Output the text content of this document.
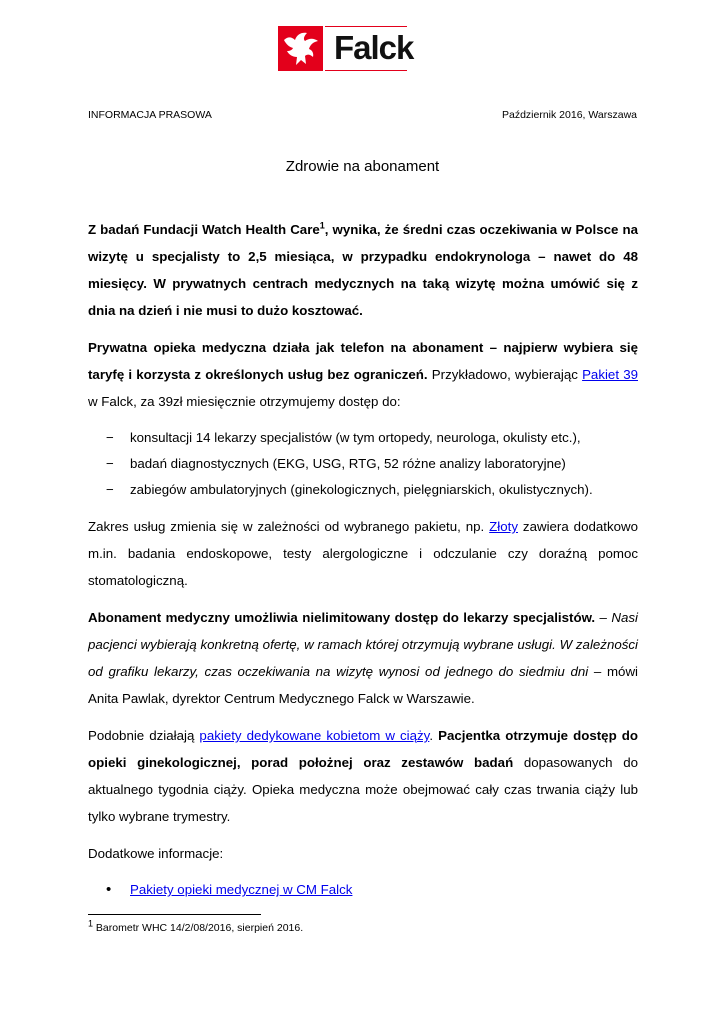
Falck
INFORMACJA PRASOWA	Październik 2016, Warszawa
Zdrowie na abonament

Z badań Fundacji Watch Health Care$^1$, wynika, że średni czas oczekiwania w Polsce na wizytę u specjalisty to 2,5 miesiąca, w przypadku endokrynologa – nawet do 48 miesięcy. W prywatnych centrach medycznych na taką wizytę można umówić się z dnia na dzień i nie musi to dużo kosztować.

Prywatna opieka medyczna działa jak telefon na abonament – najpierw wybiera się taryfę i korzysta z określonych usług bez ograniczeń. Przykładowo, wybierając Pakiet 39 w Falck, za 39zł miesięcznie otrzymujemy dostęp do:

− konsultacji 14 lekarzy specjalistów (w tym ortopedy, neurologa, okulisty etc.),
− badań diagnostycznych (EKG, USG, RTG, 52 różne analizy laboratoryjne)
− zabiegów ambulatoryjnych (ginekologicznych, pielęgniarskich, okulistycznych).

Zakres usług zmienia się w zależności od wybranego pakietu, np. Złoty zawiera dodatkowo m.in. badania endoskopowe, testy alergologiczne i odczulanie czy doraźną pomoc stomatologiczną.

Abonament medyczny umożliwia nielimitowany dostęp do lekarzy specjalistów. – Nasi pacjenci wybierają konkretną ofertę, w ramach której otrzymują wybrane usługi. W zależności od grafiku lekarzy, czas oczekiwania na wizytę wynosi od jednego do siedmiu dni – mówi Anita Pawlak, dyrektor Centrum Medycznego Falck w Warszawie.

Podobnie działają pakiety dedykowane kobietom w ciąży. Pacjentka otrzymuje dostęp do opieki ginekologicznej, porad położnej oraz zestawów badań dopasowanych do aktualnego tygodnia ciąży. Opieka medyczna może obejmować cały czas trwania ciąży lub tylko wybrane trymestry.

Dodatkowe informacje:

• Pakiety opieki medycznej w CM Falck
$^1$ Barometr WHC 14/2/08/2016, sierpień 2016.
